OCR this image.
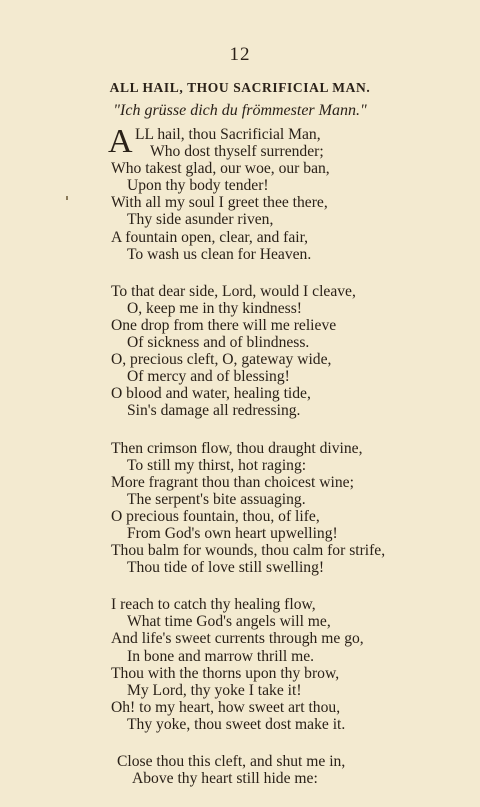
12
ALL HAIL, THOU SACRIFICIAL MAN.
"Ich grüsse dich du frömmester Mann."
A LL hail, thou Sacrificial Man,
Who dost thyself surrender;
Who takest glad, our woe, our ban,
Upon thy body tender!
With all my soul I greet thee there,
Thy side asunder riven,
A fountain open, clear, and fair,
To wash us clean for Heaven.
To that dear side, Lord, would I cleave,
O, keep me in thy kindness!
One drop from there will me relieve
Of sickness and of blindness.
O, precious cleft, O, gateway wide,
Of mercy and of blessing!
O blood and water, healing tide,
Sin's damage all redressing.
Then crimson flow, thou draught divine,
To still my thirst, hot raging:
More fragrant thou than choicest wine;
The serpent's bite assuaging.
O precious fountain, thou, of life,
From God's own heart upwelling!
Thou balm for wounds, thou calm for strife,
Thou tide of love still swelling!
I reach to catch thy healing flow,
What time God's angels will me,
And life's sweet currents through me go,
In bone and marrow thrill me.
Thou with the thorns upon thy brow,
My Lord, thy yoke I take it!
Oh! to my heart, how sweet art thou,
Thy yoke, thou sweet dost make it.
Close thou this cleft, and shut me in,
Above thy heart still hide me:
